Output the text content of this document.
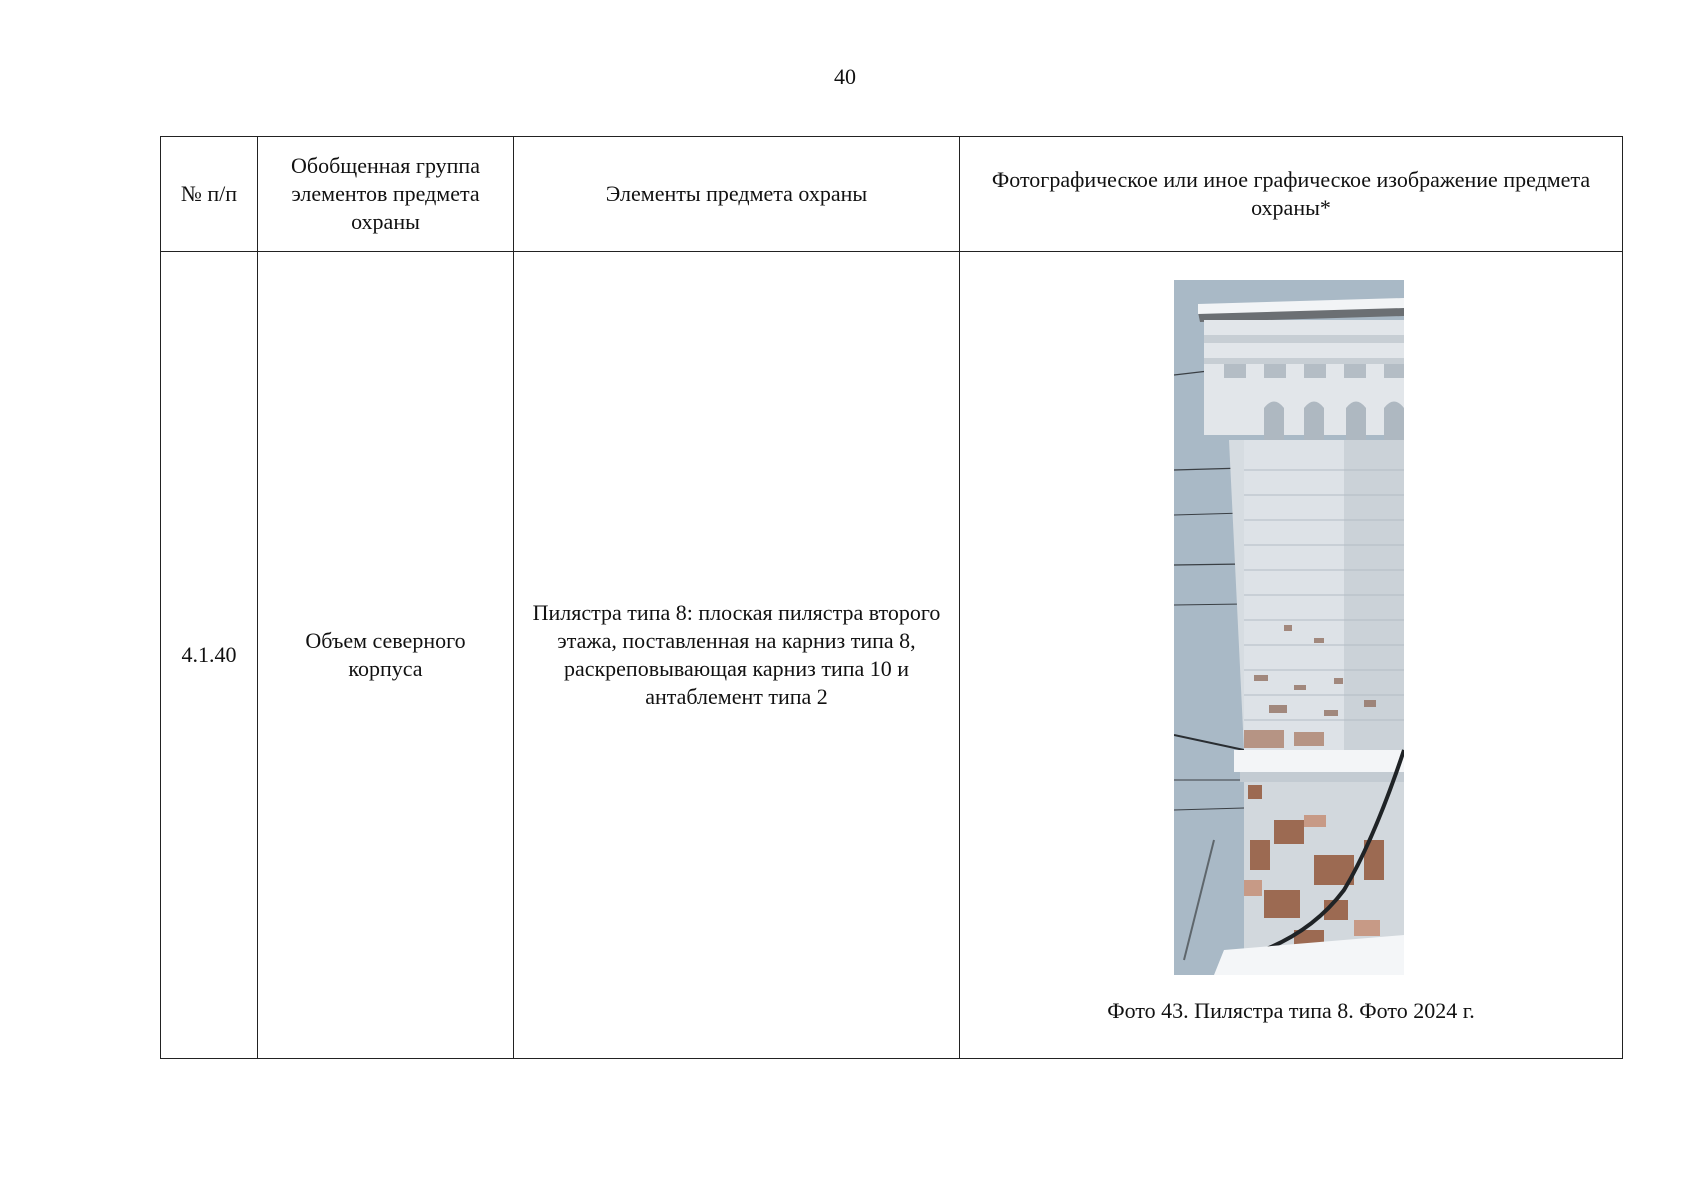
40
№ п/п	Обобщенная группа элементов предмета охраны	Элементы предмета охраны	Фотографическое или иное графическое изображение предмета охраны*
4.1.40	Объем северного корпуса	Пилястра типа 8: плоская пилястра второго этажа, поставленная на карниз типа 8, раскреповывающая карниз типа 10 и антаблемент типа 2	Фото 43. Пилястра типа 8. Фото 2024 г.
